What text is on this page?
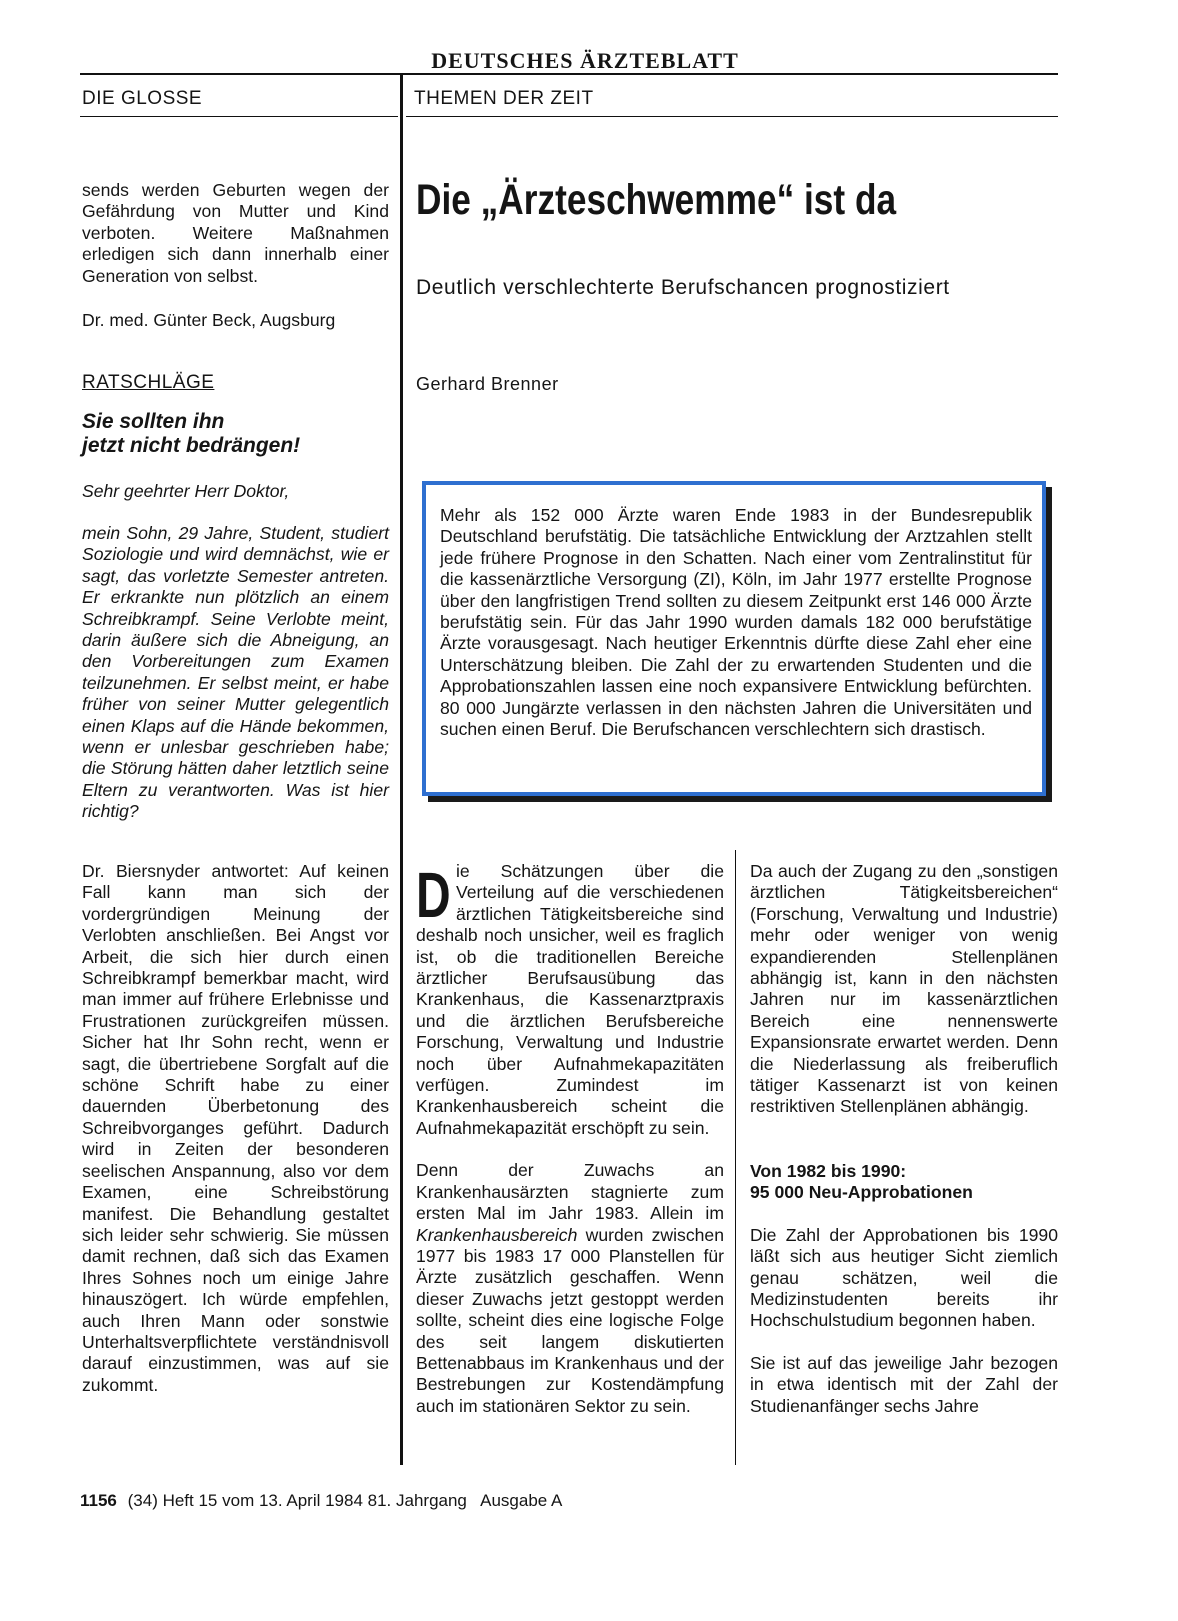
DEUTSCHES ÄRZTEBLATT
DIE GLOSSE	THEMEN DER ZEIT

sends werden Geburten wegen der Gefährdung von Mutter und Kind verboten. Weitere Maßnahmen erledigen sich dann innerhalb einer Generation von selbst.

Dr. med. Günter Beck, Augsburg

RATSCHLÄGE
Sie sollten ihn
jetzt nicht bedrängen!

Sehr geehrter Herr Doktor,

mein Sohn, 29 Jahre, Student, studiert Soziologie und wird demnächst, wie er sagt, das vorletzte Semester antreten. Er erkrankte nun plötzlich an einem Schreibkrampf. Seine Verlobte meint, darin äußere sich die Abneigung, an den Vorbereitungen zum Examen teilzunehmen. Er selbst meint, er habe früher von seiner Mutter gelegentlich einen Klaps auf die Hände bekommen, wenn er unlesbar geschrieben habe; die Störung hätten daher letztlich seine Eltern zu verantworten. Was ist hier richtig?

Dr. Biersnyder antwortet: Auf keinen Fall kann man sich der vordergründigen Meinung der Verlobten anschließen. Bei Angst vor Arbeit, die sich hier durch einen Schreibkrampf bemerkbar macht, wird man immer auf frühere Erlebnisse und Frustrationen zurückgreifen müssen. Sicher hat Ihr Sohn recht, wenn er sagt, die übertriebene Sorgfalt auf die schöne Schrift habe zu einer dauernden Überbetonung des Schreibvorganges geführt. Dadurch wird in Zeiten der besonderen seelischen Anspannung, also vor dem Examen, eine Schreibstörung manifest. Die Behandlung gestaltet sich leider sehr schwierig. Sie müssen damit rechnen, daß sich das Examen Ihres Sohnes noch um einige Jahre hinauszögert. Ich würde empfehlen, auch Ihren Mann oder sonstwie Unterhaltsverpflichtete verständnisvoll darauf einzustimmen, was auf sie zukommt.

Die „Ärzteschwemme“ ist da
Deutlich verschlechterte Berufschancen prognostiziert
Gerhard Brenner

Mehr als 152 000 Ärzte waren Ende 1983 in der Bundesrepublik Deutschland berufstätig. Die tatsächliche Entwicklung der Arztzahlen stellt jede frühere Prognose in den Schatten. Nach einer vom Zentralinstitut für die kassenärztliche Versorgung (ZI), Köln, im Jahr 1977 erstellte Prognose über den langfristigen Trend sollten zu diesem Zeitpunkt erst 146 000 Ärzte berufstätig sein. Für das Jahr 1990 wurden damals 182 000 berufstätige Ärzte vorausgesagt. Nach heutiger Erkenntnis dürfte diese Zahl eher eine Unterschätzung bleiben. Die Zahl der zu erwartenden Studenten und die Approbationszahlen lassen eine noch expansivere Entwicklung befürchten. 80 000 Jungärzte verlassen in den nächsten Jahren die Universitäten und suchen einen Beruf. Die Berufschancen verschlechtern sich drastisch.

Die Schätzungen über die Verteilung auf die verschiedenen ärztlichen Tätigkeitsbereiche sind deshalb noch unsicher, weil es fraglich ist, ob die traditionellen Bereiche ärztlicher Berufsausübung das Krankenhaus, die Kassenarztpraxis und die ärztlichen Berufsbereiche Forschung, Verwaltung und Industrie noch über Aufnahmekapazitäten verfügen. Zumindest im Krankenhausbereich scheint die Aufnahmekapazität erschöpft zu sein.

Denn der Zuwachs an Krankenhausärzten stagnierte zum ersten Mal im Jahr 1983. Allein im Krankenhausbereich wurden zwischen 1977 bis 1983 17 000 Planstellen für Ärzte zusätzlich geschaffen. Wenn dieser Zuwachs jetzt gestoppt werden sollte, scheint dies eine logische Folge des seit langem diskutierten Bettenabbaus im Krankenhaus und der Bestrebungen zur Kostendämpfung auch im stationären Sektor zu sein.

Da auch der Zugang zu den „sonstigen ärztlichen Tätigkeitsbereichen“ (Forschung, Verwaltung und Industrie) mehr oder weniger von wenig expandierenden Stellenplänen abhängig ist, kann in den nächsten Jahren nur im kassenärztlichen Bereich eine nennenswerte Expansionsrate erwartet werden. Denn die Niederlassung als freiberuflich tätiger Kassenarzt ist von keinen restriktiven Stellenplänen abhängig.

Von 1982 bis 1990:

95 000 Neu-Approbationen

Die Zahl der Approbationen bis 1990 läßt sich aus heutiger Sicht ziemlich genau schätzen, weil die Medizinstudenten bereits ihr Hochschulstudium begonnen haben.

Sie ist auf das jeweilige Jahr bezogen in etwa identisch mit der Zahl der Studienanfänger sechs Jahre

1156 (34) Heft 15 vom 13. April 1984 81. Jahrgang   Ausgabe A
